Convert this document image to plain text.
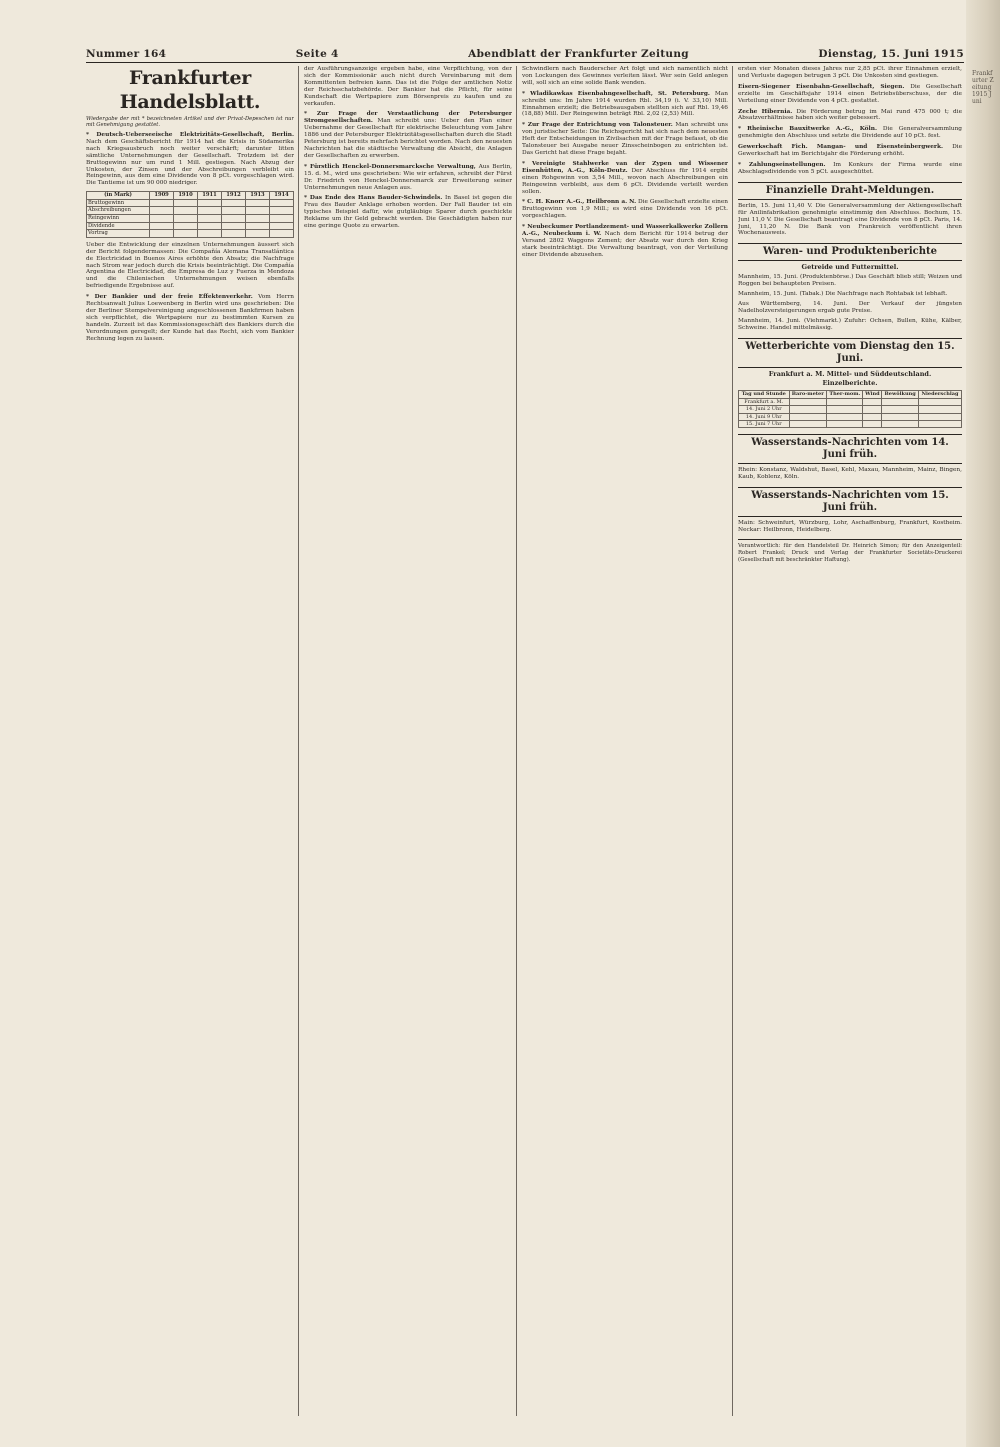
Nummer 164	Seite 4	Abendblatt der Frankfurter Zeitung	Dienstag, 15. Juni 1915
Frankfurter Handelsblatt.
Wiedergabe der mit * bezeichneten Artikel und der Privat-Depeschen ist nur mit Genehmigung gestattet.
* Deutsch-Ueberseeische Elektrizitäts-Gesellschaft, Berlin. Nach dem Geschäftsbericht für 1914 hat die Krisis in Südamerika nach Kriegsausbruch noch weiter verschärft; darunter litten sämtliche Unternehmungen der Gesellschaft. Trotzdem ist der Bruttogewinn nur um rund 1 Mill. gestiegen. Nach Abzug der Unkosten, der Zinsen und der Abschreibungen verbleibt ein Reingewinn, aus dem eine Dividende von 8 pCt. vorgeschlagen wird. Die Tantieme ist um 90 000 niedriger.
(in Mark)	1909	1910	1911	1912	1913	1914
Bruttogewinn						
Abschreibungen						
Reingewinn						
Dividende						
Vortrag						
Ueber die Entwicklung der einzelnen Unternehmungen äussert sich der Bericht folgendermassen: Die Compañía Alemana Transatlántica de Electricidad in Buenos Aires erhöhte den Absatz; die Nachfrage nach Strom war jedoch durch die Krisis beeinträchtigt. Die Compañía Argentina de Electricidad, die Empresa de Luz y Fuerza in Mendoza und die Chilenischen Unternehmungen weisen ebenfalls befriedigende Ergebnisse auf.
* Der Bankier und der freie Effektenverkehr. Vom Herrn Rechtsanwalt Julius Loewenberg in Berlin wird uns geschrieben: Die der Berliner Stempelvereinigung angeschlossenen Bankfirmen haben sich verpflichtet, die Wertpapiere nur zu bestimmten Kursen zu handeln. Zurzeit ist das Kommissionsgeschäft des Bankiers durch die Verordnungen geregelt; der Kunde hat das Recht, sich vom Bankier Rechnung legen zu lassen.
der Ausführungsanzeige ergeben habe, eine Verpflichtung, von der sich der Kommissionär auch nicht durch Vereinbarung mit dem Kommittenten befreien kann. Das ist die Folge der amtlichen Notiz der Reichsschatzbehörde. Der Bankier hat die Pflicht, für seine Kundschaft die Wertpapiere zum Börsenpreis zu kaufen und zu verkaufen.
* Zur Frage der Verstaatlichung der Petersburger Stromgesellschaften. Man schreibt uns: Ueber den Plan einer Uebernahme der Gesellschaft für elektrische Beleuchtung vom Jahre 1886 und der Petersburger Elektrizitätsgesellschaften durch die Stadt Petersburg ist bereits mehrfach berichtet worden. Nach den neuesten Nachrichten hat die städtische Verwaltung die Absicht, die Anlagen der Gesellschaften zu erwerben.
* Fürstlich Henckel-Donnersmarcksche Verwaltung, Aus Berlin, 15. d. M., wird uns geschrieben: Wie wir erfahren, schreibt der Fürst Dr. Friedrich von Henckel-Donnersmarck zur Erweiterung seiner Unternehmungen neue Anlagen aus.
* Das Ende des Hans Bauder-Schwindels. In Basel ist gegen die Frau des Bauder Anklage erhoben worden. Der Fall Bauder ist ein typisches Beispiel dafür, wie gutgläubige Sparer durch geschickte Reklame um ihr Geld gebracht werden. Die Geschädigten haben nur eine geringe Quote zu erwarten.
Schwindlern nach Bauderscher Art folgt und sich namentlich nicht von Lockungen des Gewinnes verleiten lässt. Wer sein Geld anlegen will, soll sich an eine solide Bank wenden.
* Wladikawkas Eisenbahngesellschaft, St. Petersburg. Man schreibt uns: Im Jahre 1914 wurden Rbl. 34,19 (i. V. 33,10) Mill. Einnahmen erzielt; die Betriebsausgaben stellten sich auf Rbl. 19,46 (18,88) Mill. Der Reingewinn beträgt Rbl. 2,02 (2,53) Mill.
* Zur Frage der Entrichtung von Talonsteuer. Man schreibt uns von juristischer Seite: Die Reichsgericht hat sich nach dem neuesten Heft der Entscheidungen in Zivilsachen mit der Frage befasst, ob die Talonsteuer bei Ausgabe neuer Zinsscheinbogen zu entrichten ist. Das Gericht hat diese Frage bejaht.
* Vereinigte Stahlwerke van der Zypen und Wissener Eisenhütten, A.-G., Köln-Deutz. Der Abschluss für 1914 ergibt einen Rohgewinn von 3,54 Mill., wovon nach Abschreibungen ein Reingewinn verbleibt, aus dem 6 pCt. Dividende verteilt werden sollen.
* C. H. Knorr A.-G., Heilbronn a. N. Die Gesellschaft erzielte einen Bruttogewinn von 1,9 Mill.; es wird eine Dividende von 16 pCt. vorgeschlagen.
* Neubeckumer Portlandzement- und Wasserkalkwerke Zollern A.-G., Neubeckum i. W. Nach dem Bericht für 1914 betrug der Versand 2802 Waggons Zement; der Absatz war durch den Krieg stark beeinträchtigt. Die Verwaltung beantragt, von der Verteilung einer Dividende abzusehen.
ersten vier Monaten dieses Jahres nur 2,85 pCt. ihrer Einnahmen erzielt, und Verluste dagegen betrugen 3 pCt. Die Unkosten sind gestiegen.
Eisern-Siegener Eisenbahn-Gesellschaft, Siegen. Die Gesellschaft erzielte im Geschäftsjahr 1914 einen Betriebsüberschuss, der die Verteilung einer Dividende von 4 pCt. gestattet.
Zeche Hibernia. Die Förderung betrug im Mai rund 475 000 t; die Absatzverhältnisse haben sich weiter gebessert.
* Rheinische Bauxitwerke A.-G., Köln. Die Generalversammlung genehmigte den Abschluss und setzte die Dividende auf 10 pCt. fest.
Gewerkschaft Fich. Mangan- und Eisensteinbergwerk. Die Gewerkschaft hat im Berichtsjahr die Förderung erhöht.
* Zahlungseinstellungen. Im Konkurs der Firma wurde eine Abschlagsdividende von 5 pCt. ausgeschüttet.
Finanzielle Draht-Meldungen.
Berlin, 15. Juni 11,40 V. Die Generalversammlung der Aktiengesellschaft für Anilinfabrikation genehmigte einstimmig den Abschluss. Bochum, 15. Juni 11,0 V. Die Gesellschaft beantragt eine Dividende von 8 pCt. Paris, 14. Juni, 11,20 N. Die Bank von Frankreich veröffentlicht ihren Wochenausweis.
Waren- und Produktenberichte
Getreide und Futtermittel.
Mannheim, 15. Juni. (Produktenbörse.) Das Geschäft blieb still; Weizen und Roggen bei behaupteten Preisen.
Mannheim, 15. Juni. (Tabak.) Die Nachfrage nach Rohtabak ist lebhaft.
Aus Württemberg, 14. Juni. Der Verkauf der jüngsten Nadelholzversteigerungen ergab gute Preise.
Mannheim, 14. Juni. (Viehmarkt.) Zufuhr: Ochsen, Bullen, Kühe, Kälber, Schweine. Handel mittelmässig.
Wetterberichte vom Dienstag den 15. Juni.
Frankfurt a. M. Mittel- und Süddeutschland.
Einzelberichte.
Tag und Stunde	Baro-meter	Ther-mom.	Wind	Bewölkung	Niederschlag
Frankfurt a. M.					
14. Juni 2 Uhr					
14. Juni 9 Uhr					
15. Juni 7 Uhr					
Wasserstands-Nachrichten vom 14. Juni früh.
Rhein: Konstanz, Waldshut, Basel, Kehl, Maxau, Mannheim, Mainz, Bingen, Kaub, Koblenz, Köln.
Wasserstands-Nachrichten vom 15. Juni früh.
Main: Schweinfurt, Würzburg, Lohr, Aschaffenburg, Frankfurt, Kostheim. Neckar: Heilbronn, Heidelberg.
Verantwortlich: für den Handelsteil Dr. Heinrich Simon; für den Anzeigenteil: Robert Frankel; Druck und Verlag der Frankfurter Societäts-Druckerei (Gesellschaft mit beschränkter Haftung).
Frankfurter Zeitung 1915 Juni
